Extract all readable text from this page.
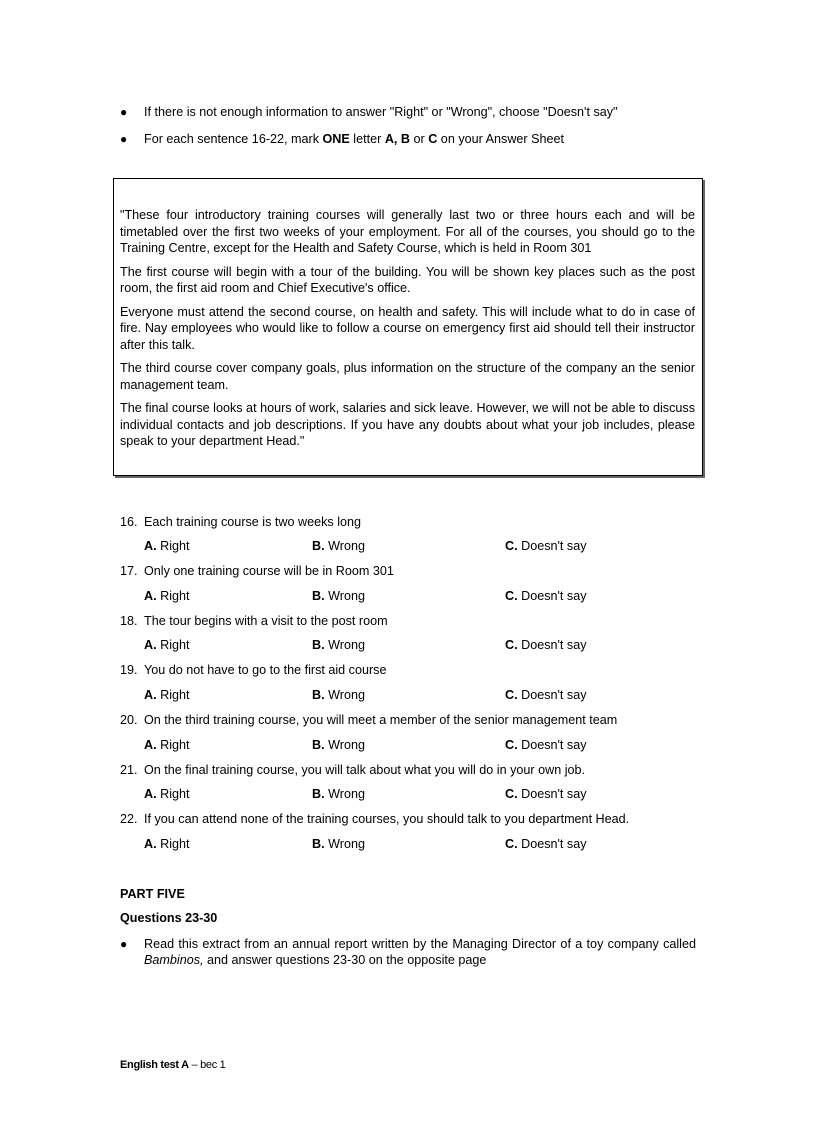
● If there is not enough information to answer "Right" or "Wrong", choose "Doesn't say"
● For each sentence 16-22, mark ONE letter A, B or C on your Answer Sheet

"These four introductory training courses will generally last two or three hours each and will be timetabled over the first two weeks of your employment. For all of the courses, you should go to the Training Centre, except for the Health and Safety Course, which is held in Room 301

The first course will begin with a tour of the building. You will be shown key places such as the post room, the first aid room and Chief Executive's office.

Everyone must attend the second course, on health and safety. This will include what to do in case of fire. Nay employees who would like to follow a course on emergency first aid should tell their instructor after this talk.

The third course cover company goals, plus information on the structure of the company an the senior management team.

The final course looks at hours of work, salaries and sick leave. However, we will not be able to discuss individual contacts and job descriptions. If you have any doubts about what your job includes, please speak to your department Head."

16. Each training course is two weeks long
A. Right	B. Wrong	C. Doesn't say
17. Only one training course will be in Room 301
A. Right	B. Wrong	C. Doesn't say
18. The tour begins with a visit to the post room
A. Right	B. Wrong	C. Doesn't say
19. You do not have to go to the first aid course
A. Right	B. Wrong	C. Doesn't say
20. On the third training course, you will meet a member of the senior management team
A. Right	B. Wrong	C. Doesn't say
21. On the final training course, you will talk about what you will do in your own job.
A. Right	B. Wrong	C. Doesn't say
22. If you can attend none of the training courses, you should talk to you department Head.
A. Right	B. Wrong	C. Doesn't say
PART FIVE
Questions 23-30
● Read this extract from an annual report written by the Managing Director of a toy company called Bambinos, and answer questions 23-30 on the opposite page
English test A – bec 1
